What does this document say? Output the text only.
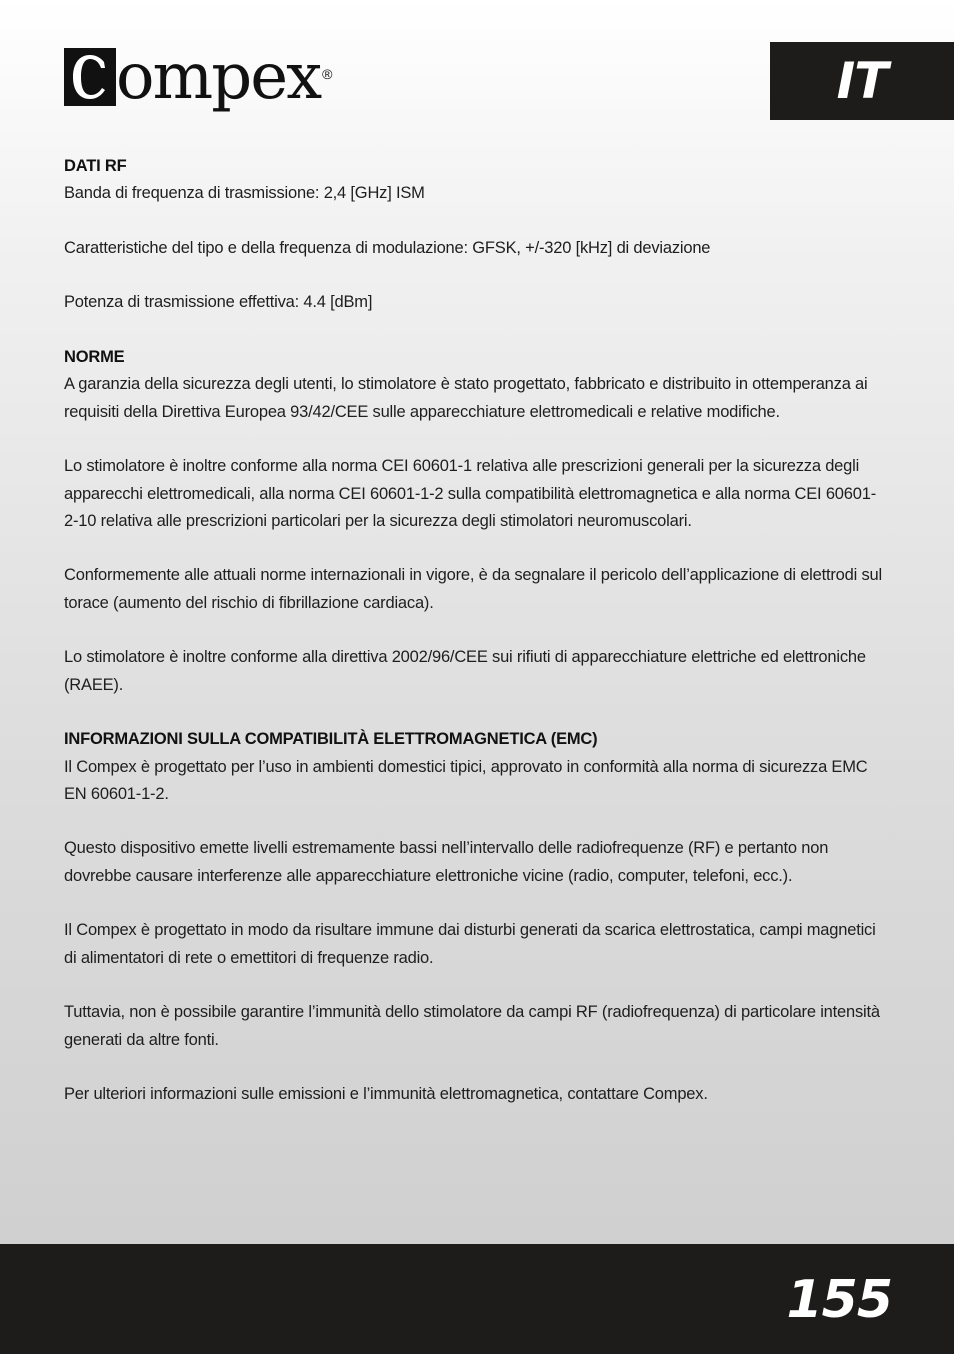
ompex ®	IT
DATI RF

Banda di frequenza di trasmissione: 2,4 [GHz] ISM

Caratteristiche del tipo e della frequenza di modulazione: GFSK, +/-320 [kHz] di deviazione

Potenza di trasmissione effettiva: 4.4 [dBm]

NORME

A garanzia della sicurezza degli utenti, lo stimolatore è stato progettato, fabbricato e distribuito in ottemperanza ai requisiti della Direttiva Europea 93/42/CEE sulle apparecchiature elettromedicali e relative modifiche.

Lo stimolatore è inoltre conforme alla norma CEI 60601-1 relativa alle prescrizioni generali per la sicurezza degli apparecchi elettromedicali, alla norma CEI 60601-1-2 sulla compatibilità elettromagnetica e alla norma CEI 60601-2-10 relativa alle prescrizioni particolari per la sicurezza degli stimolatori neuromuscolari.

Conformemente alle attuali norme internazionali in vigore, è da segnalare il pericolo dell’applicazione di elettrodi sul torace (aumento del rischio di fibrillazione cardiaca).

Lo stimolatore è inoltre conforme alla direttiva 2002/96/CEE sui rifiuti di apparecchiature elettriche ed elettroniche (RAEE).

INFORMAZIONI SULLA COMPATIBILITÀ ELETTROMAGNETICA (EMC)

Il Compex è progettato per l’uso in ambienti domestici tipici, approvato in conformità alla norma di sicurezza EMC EN 60601-1-2.

Questo dispositivo emette livelli estremamente bassi nell’intervallo delle radiofrequenze (RF) e pertanto non dovrebbe causare interferenze alle apparecchiature elettroniche vicine (radio, computer, telefoni, ecc.).

Il Compex è progettato in modo da risultare immune dai disturbi generati da scarica elettrostatica, campi magnetici di alimentatori di rete o emettitori di frequenze radio.

Tuttavia, non è possibile garantire l’immunità dello stimolatore da campi RF (radiofrequenza) di particolare intensità generati da altre fonti.

Per ulteriori informazioni sulle emissioni e l’immunità elettromagnetica, contattare Compex.

155
